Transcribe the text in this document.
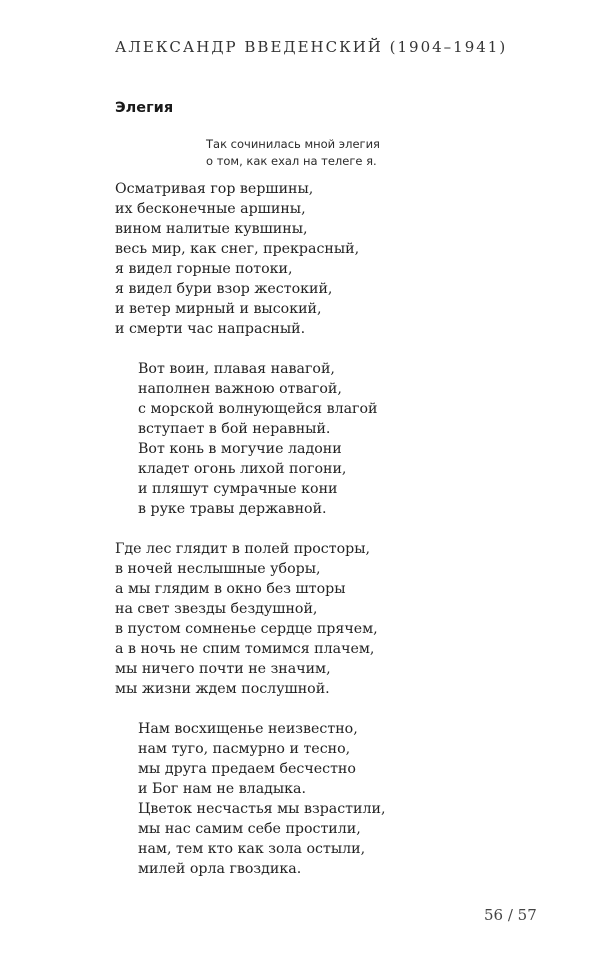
АЛЕКСАНДР ВВЕДЕНСКИЙ (1904–1941)
Элегия
Так сочинилась мной элегия
о том, как ехал на телеге я.
Осматривая гор вершины,
их бесконечные аршины,
вином налитые кувшины,
весь мир, как снег, прекрасный,
я видел горные потоки,
я видел бури взор жестокий,
и ветер мирный и высокий,
и смерти час напрасный.
Вот воин, плавая навагой,
наполнен важною отвагой,
с морской волнующейся влагой
вступает в бой неравный.
Вот конь в могучие ладони
кладет огонь лихой погони,
и пляшут сумрачные кони
в руке травы державной.
Где лес глядит в полей просторы,
в ночей неслышные уборы,
а мы глядим в окно без шторы
на свет звезды бездушной,
в пустом сомненье сердце прячем,
а в ночь не спим томимся плачем,
мы ничего почти не значим,
мы жизни ждем послушной.
Нам восхищенье неизвестно,
нам туго, пасмурно и тесно,
мы друга предаем бесчестно
и Бог нам не владыка.
Цветок несчастья мы взрастили,
мы нас самим себе простили,
нам, тем кто как зола остыли,
милей орла гвоздика.
56 / 57
